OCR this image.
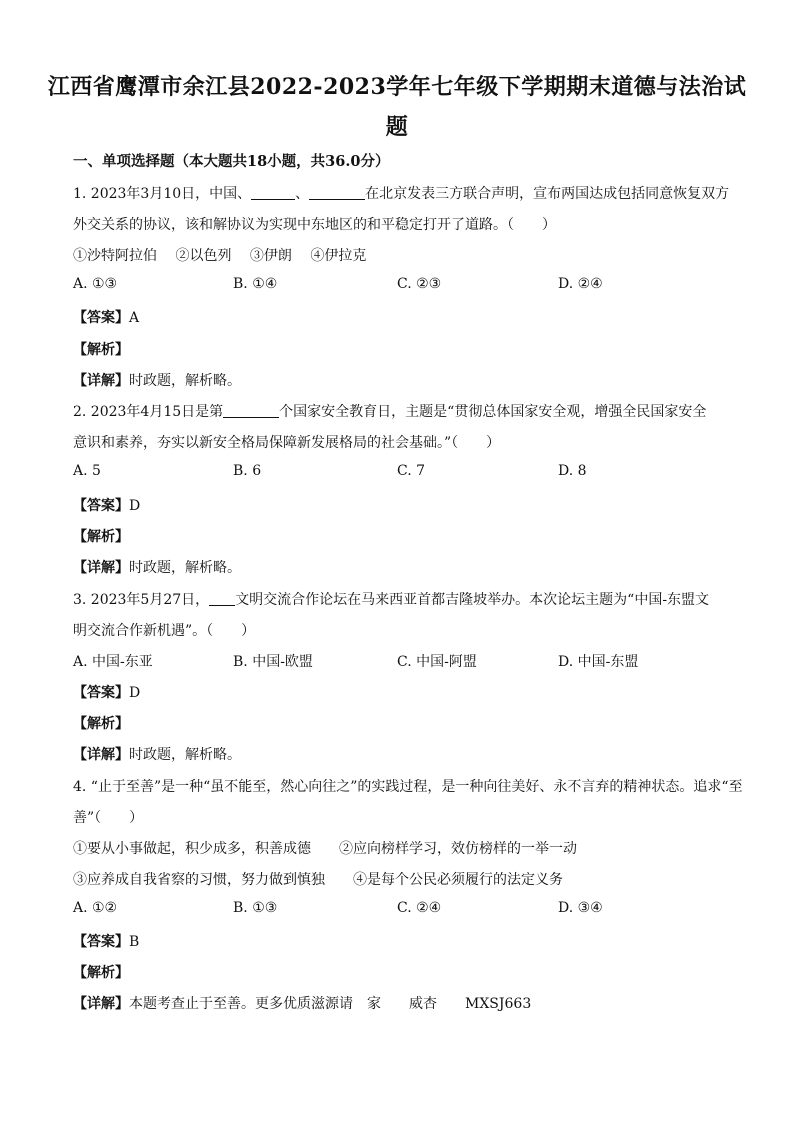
江西省鹰潭市余江县2022-2023学年七年级下学期期末道德与法治试
题
一、单项选择题（本大题共18小题，共36.0分）
1. 2023年3月10日，中国、	、	在北京发表三方联合声明，宣布两国达成包括同意恢复双方
外交关系的协议，该和解协议为实现中东地区的和平稳定打开了道路。（　　）
①沙特阿拉伯　 ②以色列　 ③伊朗　 ④伊拉克
A. ①③	B. ①④	C. ②③	D. ②④
【答案】A
【解析】
【详解】时政题，解析略。
2. 2023年4月15日是第	个国家安全教育日，主题是“贯彻总体国家安全观，增强全民国家安全
意识和素养，夯实以新安全格局保障新发展格局的社会基础。”（　　）
A. 5	B. 6	C. 7	D. 8
【答案】D
【解析】
【详解】时政题，解析略。
3. 2023年5月27日， 文明交流合作论坛在马来西亚首都吉隆坡举办。本次论坛主题为“中国-东盟文
明交流合作新机遇”。（　　）
A. 中国-东亚	B. 中国-欧盟	C. 中国-阿盟	D. 中国-东盟
【答案】D
【解析】
【详解】时政题，解析略。
4. “止于至善”是一种“虽不能至，然心向往之”的实践过程，是一种向往美好、永不言弃的精神状态。追求“至
善”（　　）
①要从小事做起，积少成多，积善成德　　②应向榜样学习，效仿榜样的一举一动
③应养成自我省察的习惯，努力做到慎独　　④是每个公民必须履行的法定义务
A. ①②	B. ①③	C. ②④	D. ③④
【答案】B
【解析】
【详解】本题考查止于至善。更多优质滋源请　家　　威杏　　MXSJ663
